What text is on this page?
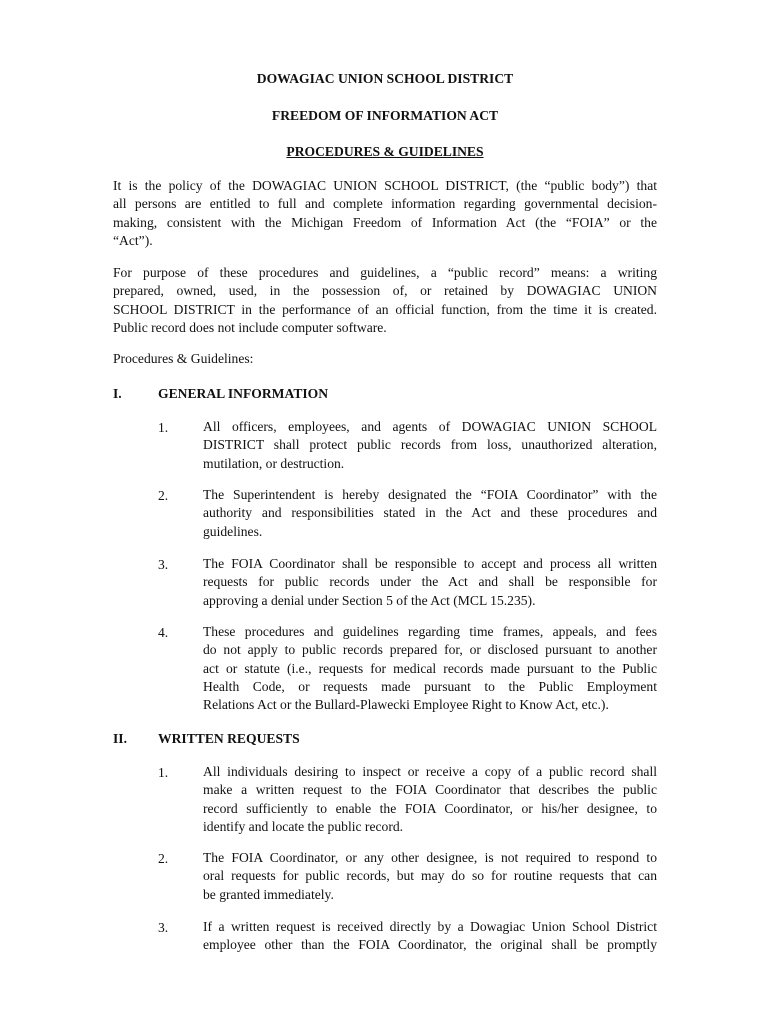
DOWAGIAC UNION SCHOOL DISTRICT
FREEDOM OF INFORMATION ACT
PROCEDURES & GUIDELINES
It is the policy of the DOWAGIAC UNION SCHOOL DISTRICT, (the “public body”) that
all persons are entitled to full and complete information regarding governmental decision-
making, consistent with the Michigan Freedom of Information Act (the “FOIA” or the
“Act”).
For purpose of these procedures and guidelines, a “public record” means: a writing
prepared, owned, used, in the possession of, or retained by DOWAGIAC UNION
SCHOOL DISTRICT in the performance of an official function, from the time it is created.
Public record does not include computer software.
Procedures & Guidelines:
I.	GENERAL INFORMATION
1.	All officers, employees, and agents of DOWAGIAC UNION SCHOOL
DISTRICT shall protect public records from loss, unauthorized alteration,
mutilation, or destruction.
2.	The Superintendent is hereby designated the “FOIA Coordinator” with the
authority and responsibilities stated in the Act and these procedures and
guidelines.
3.	The FOIA Coordinator shall be responsible to accept and process all written
requests for public records under the Act and shall be responsible for
approving a denial under Section 5 of the Act (MCL 15.235).
4.	These procedures and guidelines regarding time frames, appeals, and fees
do not apply to public records prepared for, or disclosed pursuant to another
act or statute (i.e., requests for medical records made pursuant to the Public
Health Code, or requests made pursuant to the Public Employment
Relations Act or the Bullard-Plawecki Employee Right to Know Act, etc.).
II. WRITTEN REQUESTS
1.	All individuals desiring to inspect or receive a copy of a public record shall
make a written request to the FOIA Coordinator that describes the public
record sufficiently to enable the FOIA Coordinator, or his/her designee, to
identify and locate the public record.
2.	The FOIA Coordinator, or any other designee, is not required to respond to
oral requests for public records, but may do so for routine requests that can
be granted immediately.
3.	If a written request is received directly by a Dowagiac Union School District
employee other than the FOIA Coordinator, the original shall be promptly
